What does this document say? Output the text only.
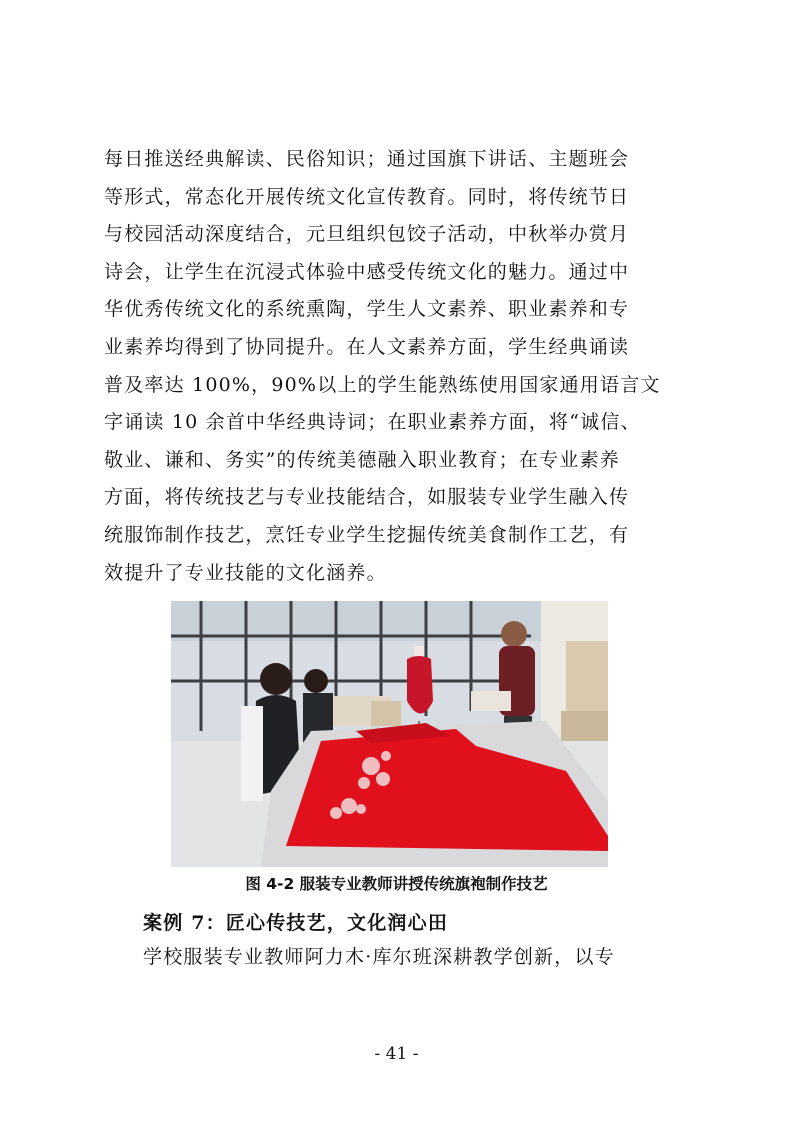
每日推送经典解读、民俗知识；通过国旗下讲话、主题班会
等形式，常态化开展传统文化宣传教育。同时，将传统节日
与校园活动深度结合，元旦组织包饺子活动，中秋举办赏月
诗会，让学生在沉浸式体验中感受传统文化的魅力。通过中
华优秀传统文化的系统熏陶，学生人文素养、职业素养和专
业素养均得到了协同提升。在人文素养方面，学生经典诵读
普及率达 100%，90%以上的学生能熟练使用国家通用语言文
字诵读 10 余首中华经典诗词；在职业素养方面，将“诚信、
敬业、谦和、务实”的传统美德融入职业教育；在专业素养
方面，将传统技艺与专业技能结合，如服装专业学生融入传
统服饰制作技艺，烹饪专业学生挖掘传统美食制作工艺，有
效提升了专业技能的文化涵养。
图 4-2 服装专业教师讲授传统旗袍制作技艺
案例 7：匠心传技艺，文化润心田
学校服装专业教师阿力木·库尔班深耕教学创新，以专
- 41 -
